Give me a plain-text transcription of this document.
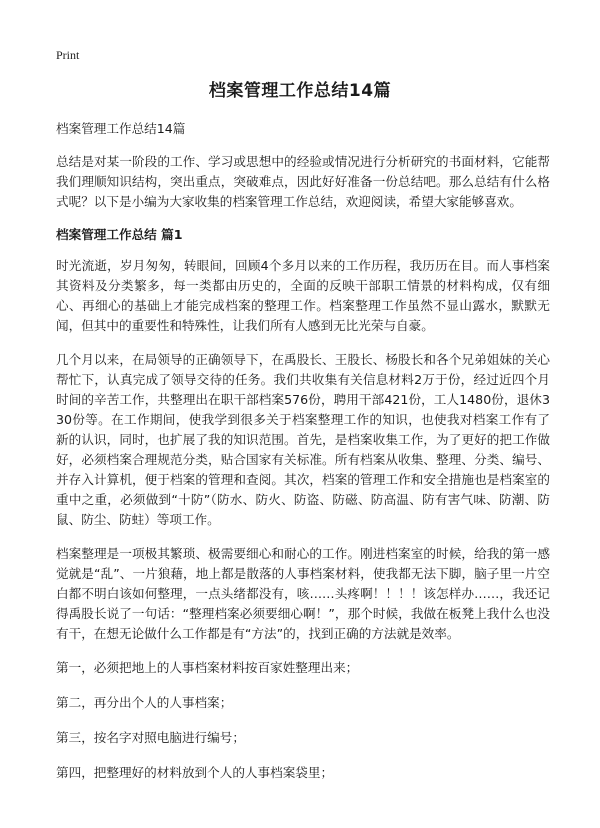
Print
档案管理工作总结14篇

档案管理工作总结14篇

总结是对某一阶段的工作、学习或思想中的经验或情况进行分析研究的书面材料，它能帮我们理顺知识结构，突出重点，突破难点，因此好好准备一份总结吧。那么总结有什么格式呢？以下是小编为大家收集的档案管理工作总结，欢迎阅读，希望大家能够喜欢。

档案管理工作总结 篇1

时光流逝，岁月匆匆，转眼间，回顾4个多月以来的工作历程，我历历在目。而人事档案其资料及分类繁多，每一类都由历史的，全面的反映干部职工情景的材料构成，仅有细心、再细心的基础上才能完成档案的整理工作。档案整理工作虽然不显山露水，默默无闻，但其中的重要性和特殊性，让我们所有人感到无比光荣与自豪。

几个月以来，在局领导的正确领导下，在禹股长、王股长、杨股长和各个兄弟姐妹的关心帮忙下，认真完成了领导交待的任务。我们共收集有关信息材料2万于份，经过近四个月时间的辛苦工作，共整理出在职干部档案576份，聘用干部421份，工人1480份，退休330份等。在工作期间，使我学到很多关于档案整理工作的知识，也使我对档案工作有了新的认识，同时，也扩展了我的知识范围。首先，是档案收集工作，为了更好的把工作做好，必须档案合理规范分类，贴合国家有关标准。所有档案从收集、整理、分类、编号、并存入计算机，便于档案的管理和查阅。其次，档案的管理工作和安全措施也是档案室的重中之重，必须做到“十防”（防水、防火、防盗、防磁、防高温、防有害气味、防潮、防鼠、防尘、防蛀）等项工作。

档案整理是一项极其繁琐、极需要细心和耐心的工作。刚进档案室的时候，给我的第一感觉就是“乱”、一片狼藉，地上都是散落的人事档案材料，使我都无法下脚，脑子里一片空白都不明白该如何整理，一点头绪都没有，咳……头疼啊！！！！该怎样办……，我还记得禹股长说了一句话：“整理档案必须要细心啊！”，那个时候，我做在板凳上我什么也没有干，在想无论做什么工作都是有“方法”的，找到正确的方法就是效率。

第一，必须把地上的人事档案材料按百家姓整理出来；

第二，再分出个人的人事档案；

第三，按名字对照电脑进行编号；

第四，把整理好的材料放到个人的人事档案袋里；
